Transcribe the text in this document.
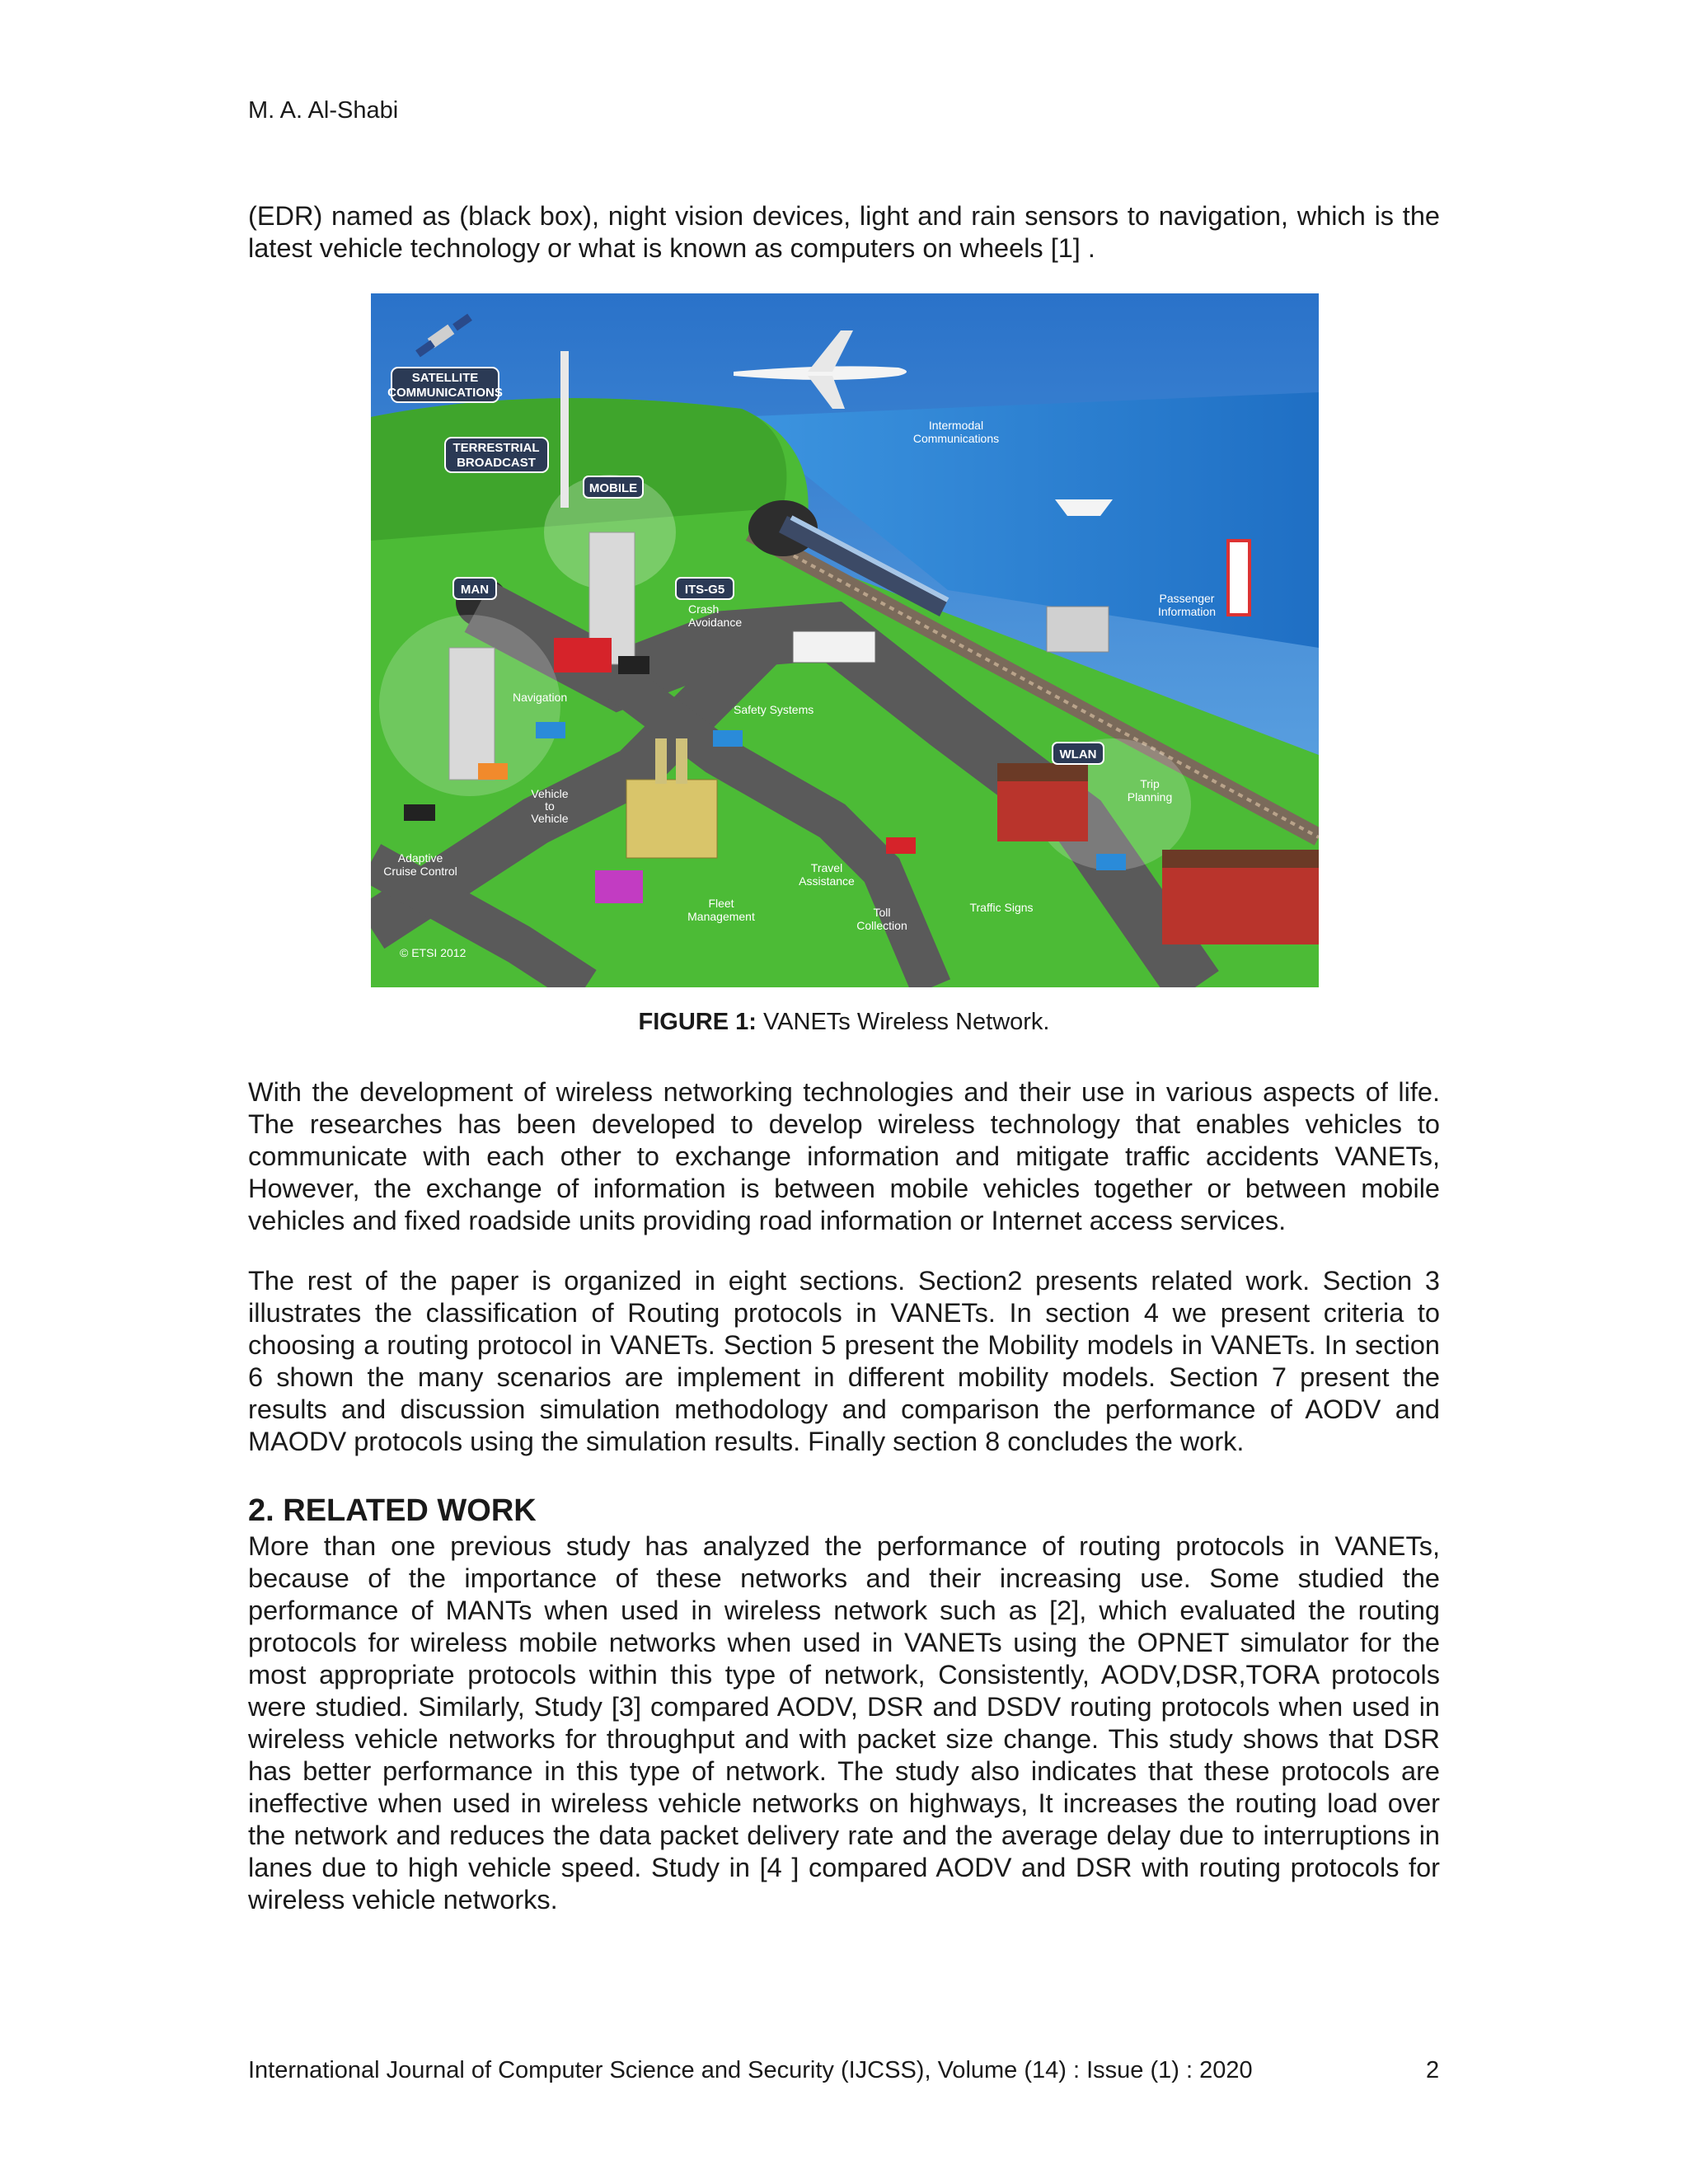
M. A. Al-Shabi

(EDR) named as (black box), night vision devices, light and rain sensors to navigation, which is the latest vehicle technology or what is known as computers on wheels [1] .

SATELLITE
COMMUNICATIONS
TERRESTRIAL
BROADCAST
MOBILE
MAN	ITS-G5
WLAN
Crash
Avoidance
Intermodal
Communications
Passenger
Information
Navigation
Safety Systems
Vehicle
to
Vehicle
Adaptive
Cruise Control
Trip
Planning
Travel
Assistance
Fleet
Management	Toll
Collection
Traffic Signs
© ETSI 2012
FIGURE 1: VANETs Wireless Network.

With the development of wireless networking technologies and their use in various aspects of life. The researches has been developed to develop wireless technology that enables vehicles to communicate with each other to exchange information and mitigate traffic accidents VANETs, However, the exchange of information is between mobile vehicles together or between mobile vehicles and fixed roadside units providing road information or Internet access services.

The rest of the paper is organized in eight sections. Section2 presents related work. Section 3 illustrates the classification of Routing protocols in VANETs. In section 4 we present criteria to choosing a routing protocol in VANETs. Section 5 present the Mobility models in VANETs. In section 6 shown the many scenarios are implement in different mobility models. Section 7 present the results and discussion simulation methodology and comparison the performance of AODV and MAODV protocols using the simulation results. Finally section 8 concludes the work.

2. RELATED WORK

More than one previous study has analyzed the performance of routing protocols in VANETs, because of the importance of these networks and their increasing use. Some studied the performance of MANTs when used in wireless network such as [2], which evaluated the routing protocols for wireless mobile networks when used in VANETs using the OPNET simulator for the most appropriate protocols within this type of network, Consistently, AODV,DSR,TORA protocols were studied. Similarly, Study [3] compared AODV, DSR and DSDV routing protocols when used in wireless vehicle networks for throughput and with packet size change. This study shows that DSR has better performance in this type of network. The study also indicates that these protocols are ineffective when used in wireless vehicle networks on highways, It increases the routing load over the network and reduces the data packet delivery rate and the average delay due to interruptions in lanes due to high vehicle speed. Study in [4 ] compared AODV and DSR with routing protocols for wireless vehicle networks.

International Journal of Computer Science and Security (IJCSS), Volume (14) : Issue (1) : 2020	2
